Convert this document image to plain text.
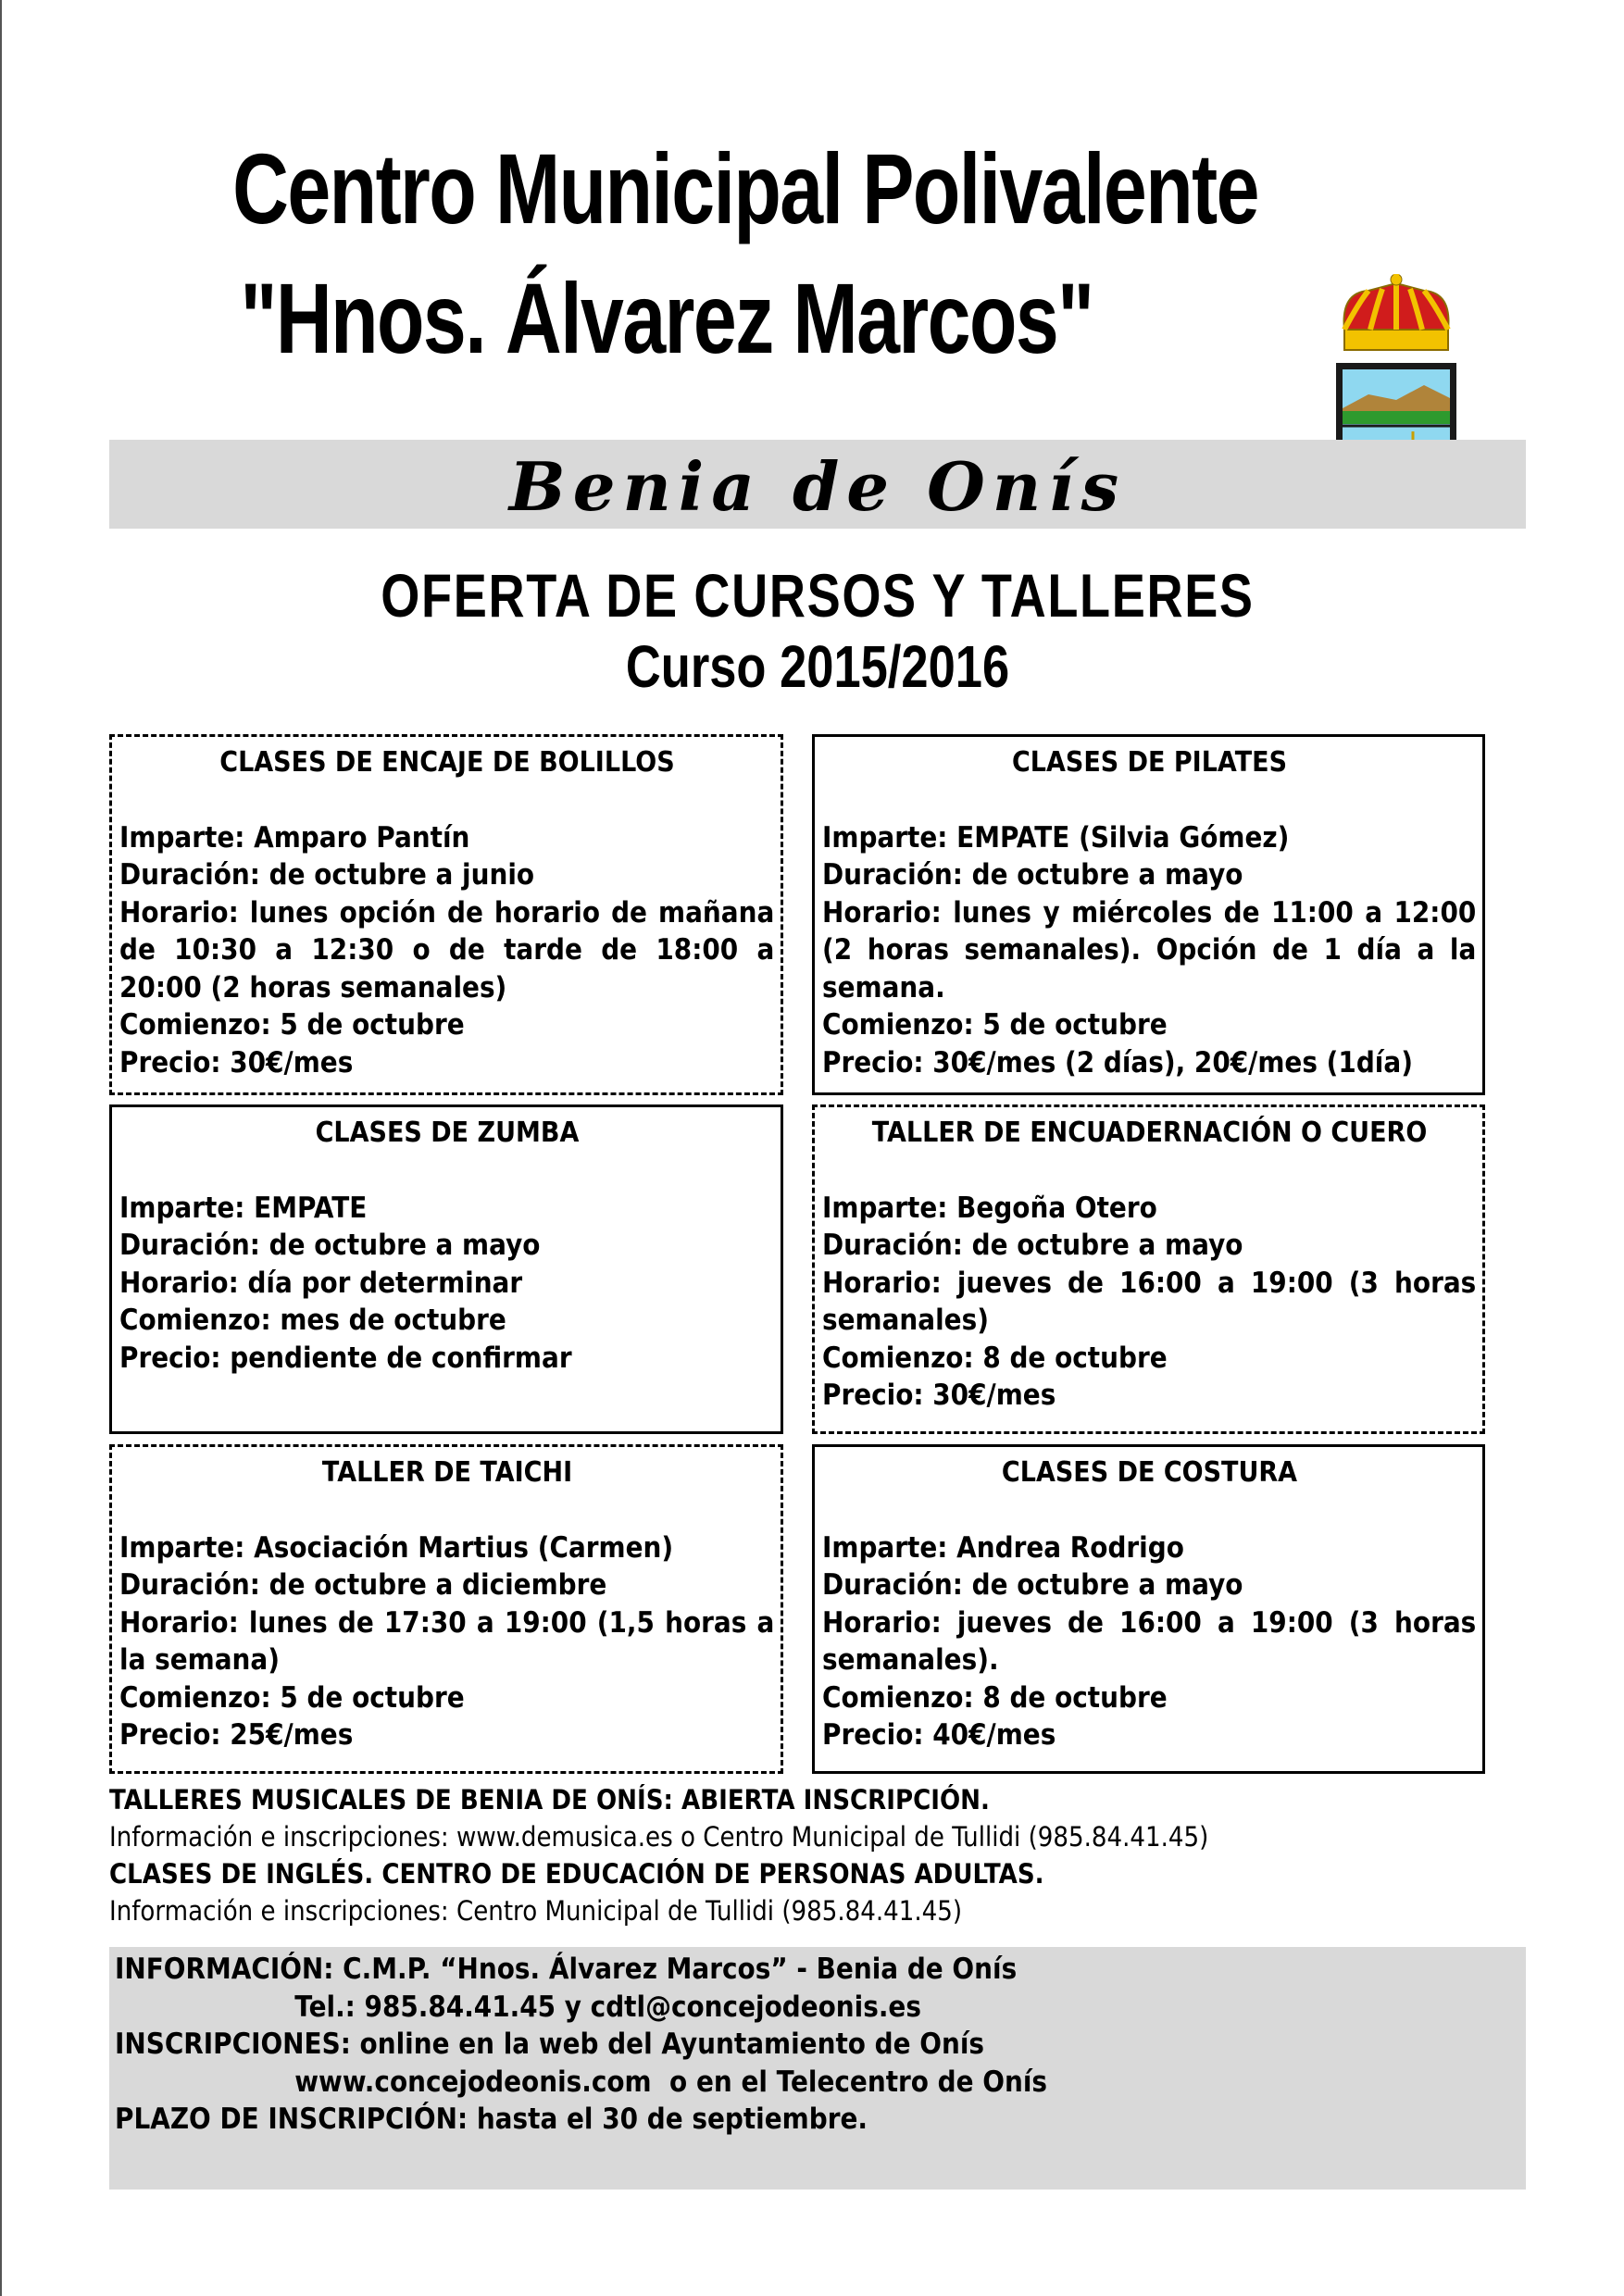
Centro Municipal Polivalente
"Hnos. Álvarez Marcos"
Benia de Onís
OFERTA DE CURSOS Y TALLERES
Curso 2015/2016
CLASES DE ENCAJE DE BOLILLOS
Imparte: Amparo Pantín
Duración: de octubre a junio
Horario: lunes opción de horario de mañana de 10:30 a 12:30 o de tarde de 18:00 a 20:00 (2 horas semanales)
Comienzo: 5 de octubre
Precio: 30€/mes
CLASES DE PILATES
Imparte: EMPATE (Silvia Gómez)
Duración: de octubre a mayo
Horario: lunes y miércoles de 11:00 a 12:00 (2 horas semanales). Opción de 1 día a la semana.
Comienzo: 5 de octubre
Precio: 30€/mes (2 días), 20€/mes (1día)
CLASES DE ZUMBA
Imparte: EMPATE
Duración: de octubre a mayo
Horario: día por determinar
Comienzo: mes de octubre
Precio: pendiente de confirmar
TALLER DE ENCUADERNACIÓN O CUERO
Imparte: Begoña Otero
Duración: de octubre a mayo
Horario: jueves de 16:00 a 19:00 (3 horas semanales)
Comienzo: 8 de octubre
Precio: 30€/mes
TALLER DE TAICHI
Imparte: Asociación Martius (Carmen)
Duración: de octubre a diciembre
Horario: lunes de 17:30 a 19:00 (1,5 horas a la semana)
Comienzo: 5 de octubre
Precio: 25€/mes
CLASES DE COSTURA
Imparte: Andrea Rodrigo
Duración: de octubre a mayo
Horario: jueves de 16:00 a 19:00 (3 horas semanales).
Comienzo: 8 de octubre
Precio: 40€/mes
TALLERES MUSICALES DE BENIA DE ONÍS: ABIERTA INSCRIPCIÓN.
Información e inscripciones: www.demusica.es o Centro Municipal de Tullidi (985.84.41.45)
CLASES DE INGLÉS. CENTRO DE EDUCACIÓN DE PERSONAS ADULTAS.
Información e inscripciones: Centro Municipal de Tullidi (985.84.41.45)
INFORMACIÓN: C.M.P. “Hnos. Álvarez Marcos” - Benia de Onís
Tel.: 985.84.41.45 y cdtl@concejodeonis.es
INSCRIPCIONES: online en la web del Ayuntamiento de Onís
www.concejodeonis.com  o en el Telecentro de Onís
PLAZO DE INSCRIPCIÓN: hasta el 30 de septiembre.
